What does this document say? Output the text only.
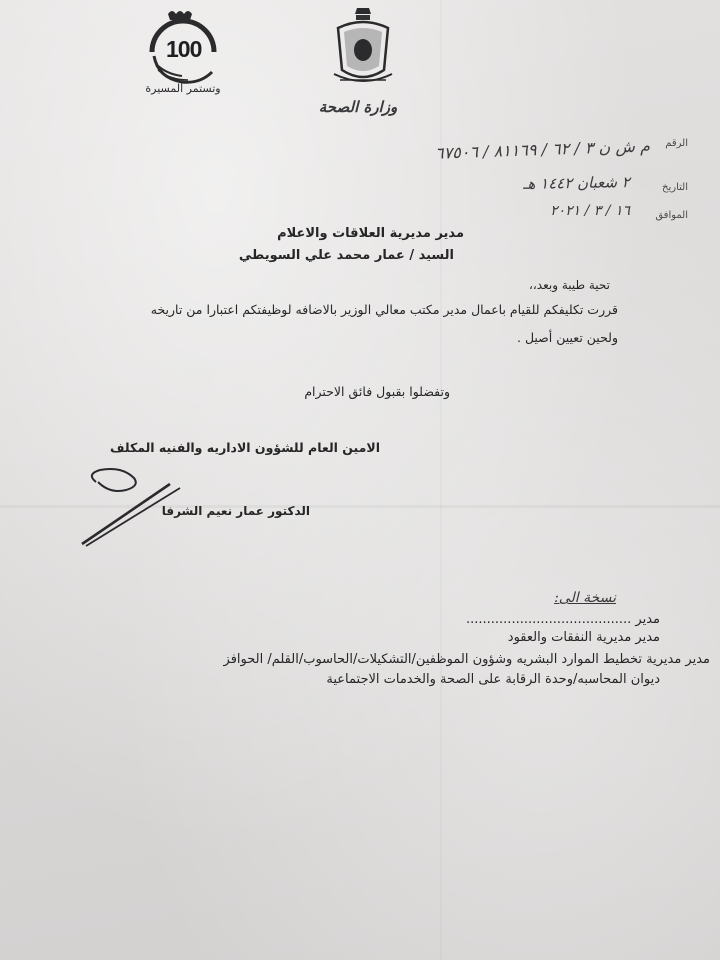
100
وتستمر المسيرة
وزارة الصحة
الرقم
م ش ن ٣ / ٦٢ / ٨١١٦٩ / ٦٧٥٠٦
التاريخ
٢ شعبان ١٤٤٢ هـ
الموافق
١٦ / ٣ / ٢٠٢١
مدير مديرية العلاقات والاعلام
السيد / عمار محمد علي السويطي
تحية طيبة وبعد،،
قررت تكليفكم للقيام باعمال مدير مكتب معالي الوزير بالاضافه لوظيفتكم اعتبارا من تاريخه
ولحين تعيين أصيل .
وتفضلوا بقبول فائق الاحترام
الامين العام للشؤون الاداريه والفنيه المكلف
الدكتور عمار نعيم الشرفا
نسخة الى:
مدير ........................................
مدير مديرية النفقات والعقود
مدير مديرية تخطيط الموارد البشريه وشؤون الموظفين/التشكيلات/الحاسوب/القلم/ الحوافز
ديوان المحاسبه/وحدة الرقابة على الصحة والخدمات الاجتماعية
